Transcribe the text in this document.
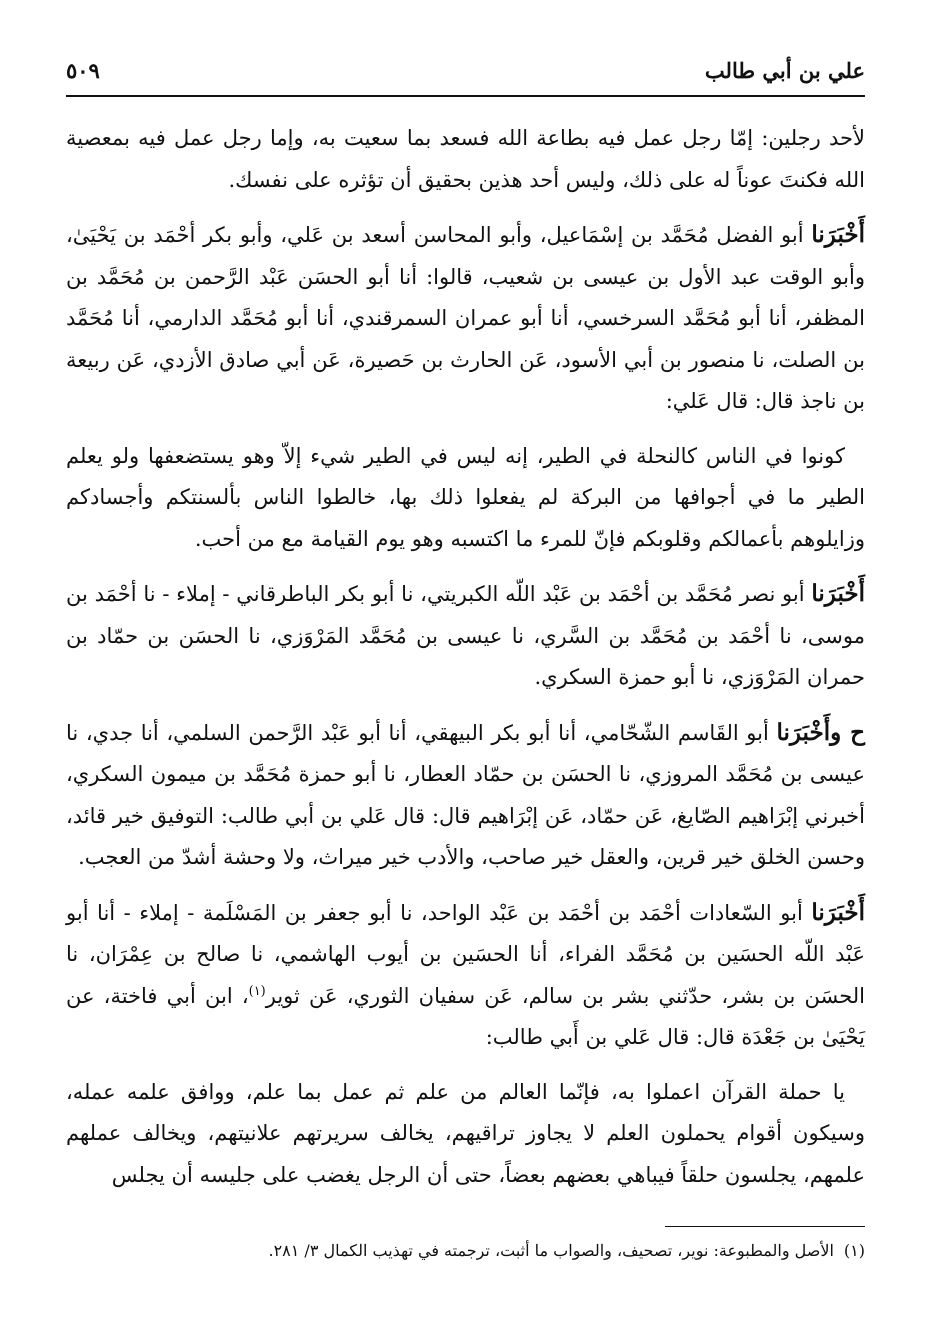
علي بن أبي طالب
٥٠٩

لأحد رجلين: إمّا رجل عمل فيه بطاعة الله فسعد بما سعيت به، وإما رجل عمل فيه بمعصية الله فكنتَ عوناً له على ذلك، وليس أحد هذين بحقيق أن تؤثره على نفسك.

أَخْبَرَنا أبو الفضل مُحَمَّد بن إسْمَاعيل، وأبو المحاسن أسعد بن عَلي، وأبو بكر أحْمَد بن يَحْيَىٰ، وأبو الوقت عبد الأول بن عيسى بن شعيب، قالوا: أنا أبو الحسَن عَبْد الرَّحمن بن مُحَمَّد بن المظفر، أنا أبو مُحَمَّد السرخسي، أنا أبو عمران السمرقندي، أنا أبو مُحَمَّد الدارمي، أنا مُحَمَّد بن الصلت، نا منصور بن أبي الأسود، عَن الحارث بن حَصيرة، عَن أبي صادق الأزدي، عَن ربيعة بن ناجذ قال: قال عَلي:

كونوا في الناس كالنحلة في الطير، إنه ليس في الطير شيء إلاّ وهو يستضعفها ولو يعلم الطير ما في أجوافها من البركة لم يفعلوا ذلك بها، خالطوا الناس بألسنتكم وأجسادكم وزايلوهم بأعمالكم وقلوبكم فإنّ للمرء ما اكتسبه وهو يوم القيامة مع من أحب.

أَخْبَرَنا أبو نصر مُحَمَّد بن أحْمَد بن عَبْد اللّه الكبريتي، نا أبو بكر الباطرقاني - إملاء - نا أحْمَد بن موسى، نا أحْمَد بن مُحَمَّد بن السَّري، نا عيسى بن مُحَمَّد المَرْوَزي، نا الحسَن بن حمّاد بن حمران المَرْوَزي، نا أبو حمزة السكري.

ح وأَخْبَرَنا أبو القَاسم الشّحّامي، أنا أبو بكر البيهقي، أنا أبو عَبْد الرَّحمن السلمي، أنا جدي، نا عيسى بن مُحَمَّد المروزي، نا الحسَن بن حمّاد العطار، نا أبو حمزة مُحَمَّد بن ميمون السكري، أخبرني إبْرَاهيم الصّايغ، عَن حمّاد، عَن إبْرَاهيم قال: قال عَلي بن أبي طالب: التوفيق خير قائد، وحسن الخلق خير قرين، والعقل خير صاحب، والأدب خير ميراث، ولا وحشة أشدّ من العجب.

أَخْبَرَنا أبو السّعادات أحْمَد بن أحْمَد بن عَبْد الواحد، نا أبو جعفر بن المَسْلَمة - إملاء - أنا أبو عَبْد اللّه الحسَين بن مُحَمَّد الفراء، أنا الحسَين بن أيوب الهاشمي، نا صالح بن عِمْرَان، نا الحسَن بن بشر، حدّثني بشر بن سالم، عَن سفيان الثوري، عَن ثوير$^{(١)}$، ابن أبي فاختة، عن يَحْيَىٰ بن جَعْدَة قال: قال عَلي بن أَبي طالب:

يا حملة القرآن اعملوا به، فإنّما العالم من علم ثم عمل بما علم، ووافق علمه عمله، وسيكون أقوام يحملون العلم لا يجاوز تراقيهم، يخالف سريرتهم علانيتهم، ويخالف عملهم علمهم، يجلسون حلقاً فيباهي بعضهم بعضاً، حتى أن الرجل يغضب على جليسه أن يجلس

(١)الأصل والمطبوعة: نوير، تصحيف، والصواب ما أثبت، ترجمته في تهذيب الكمال ٣/ ٢٨١.
